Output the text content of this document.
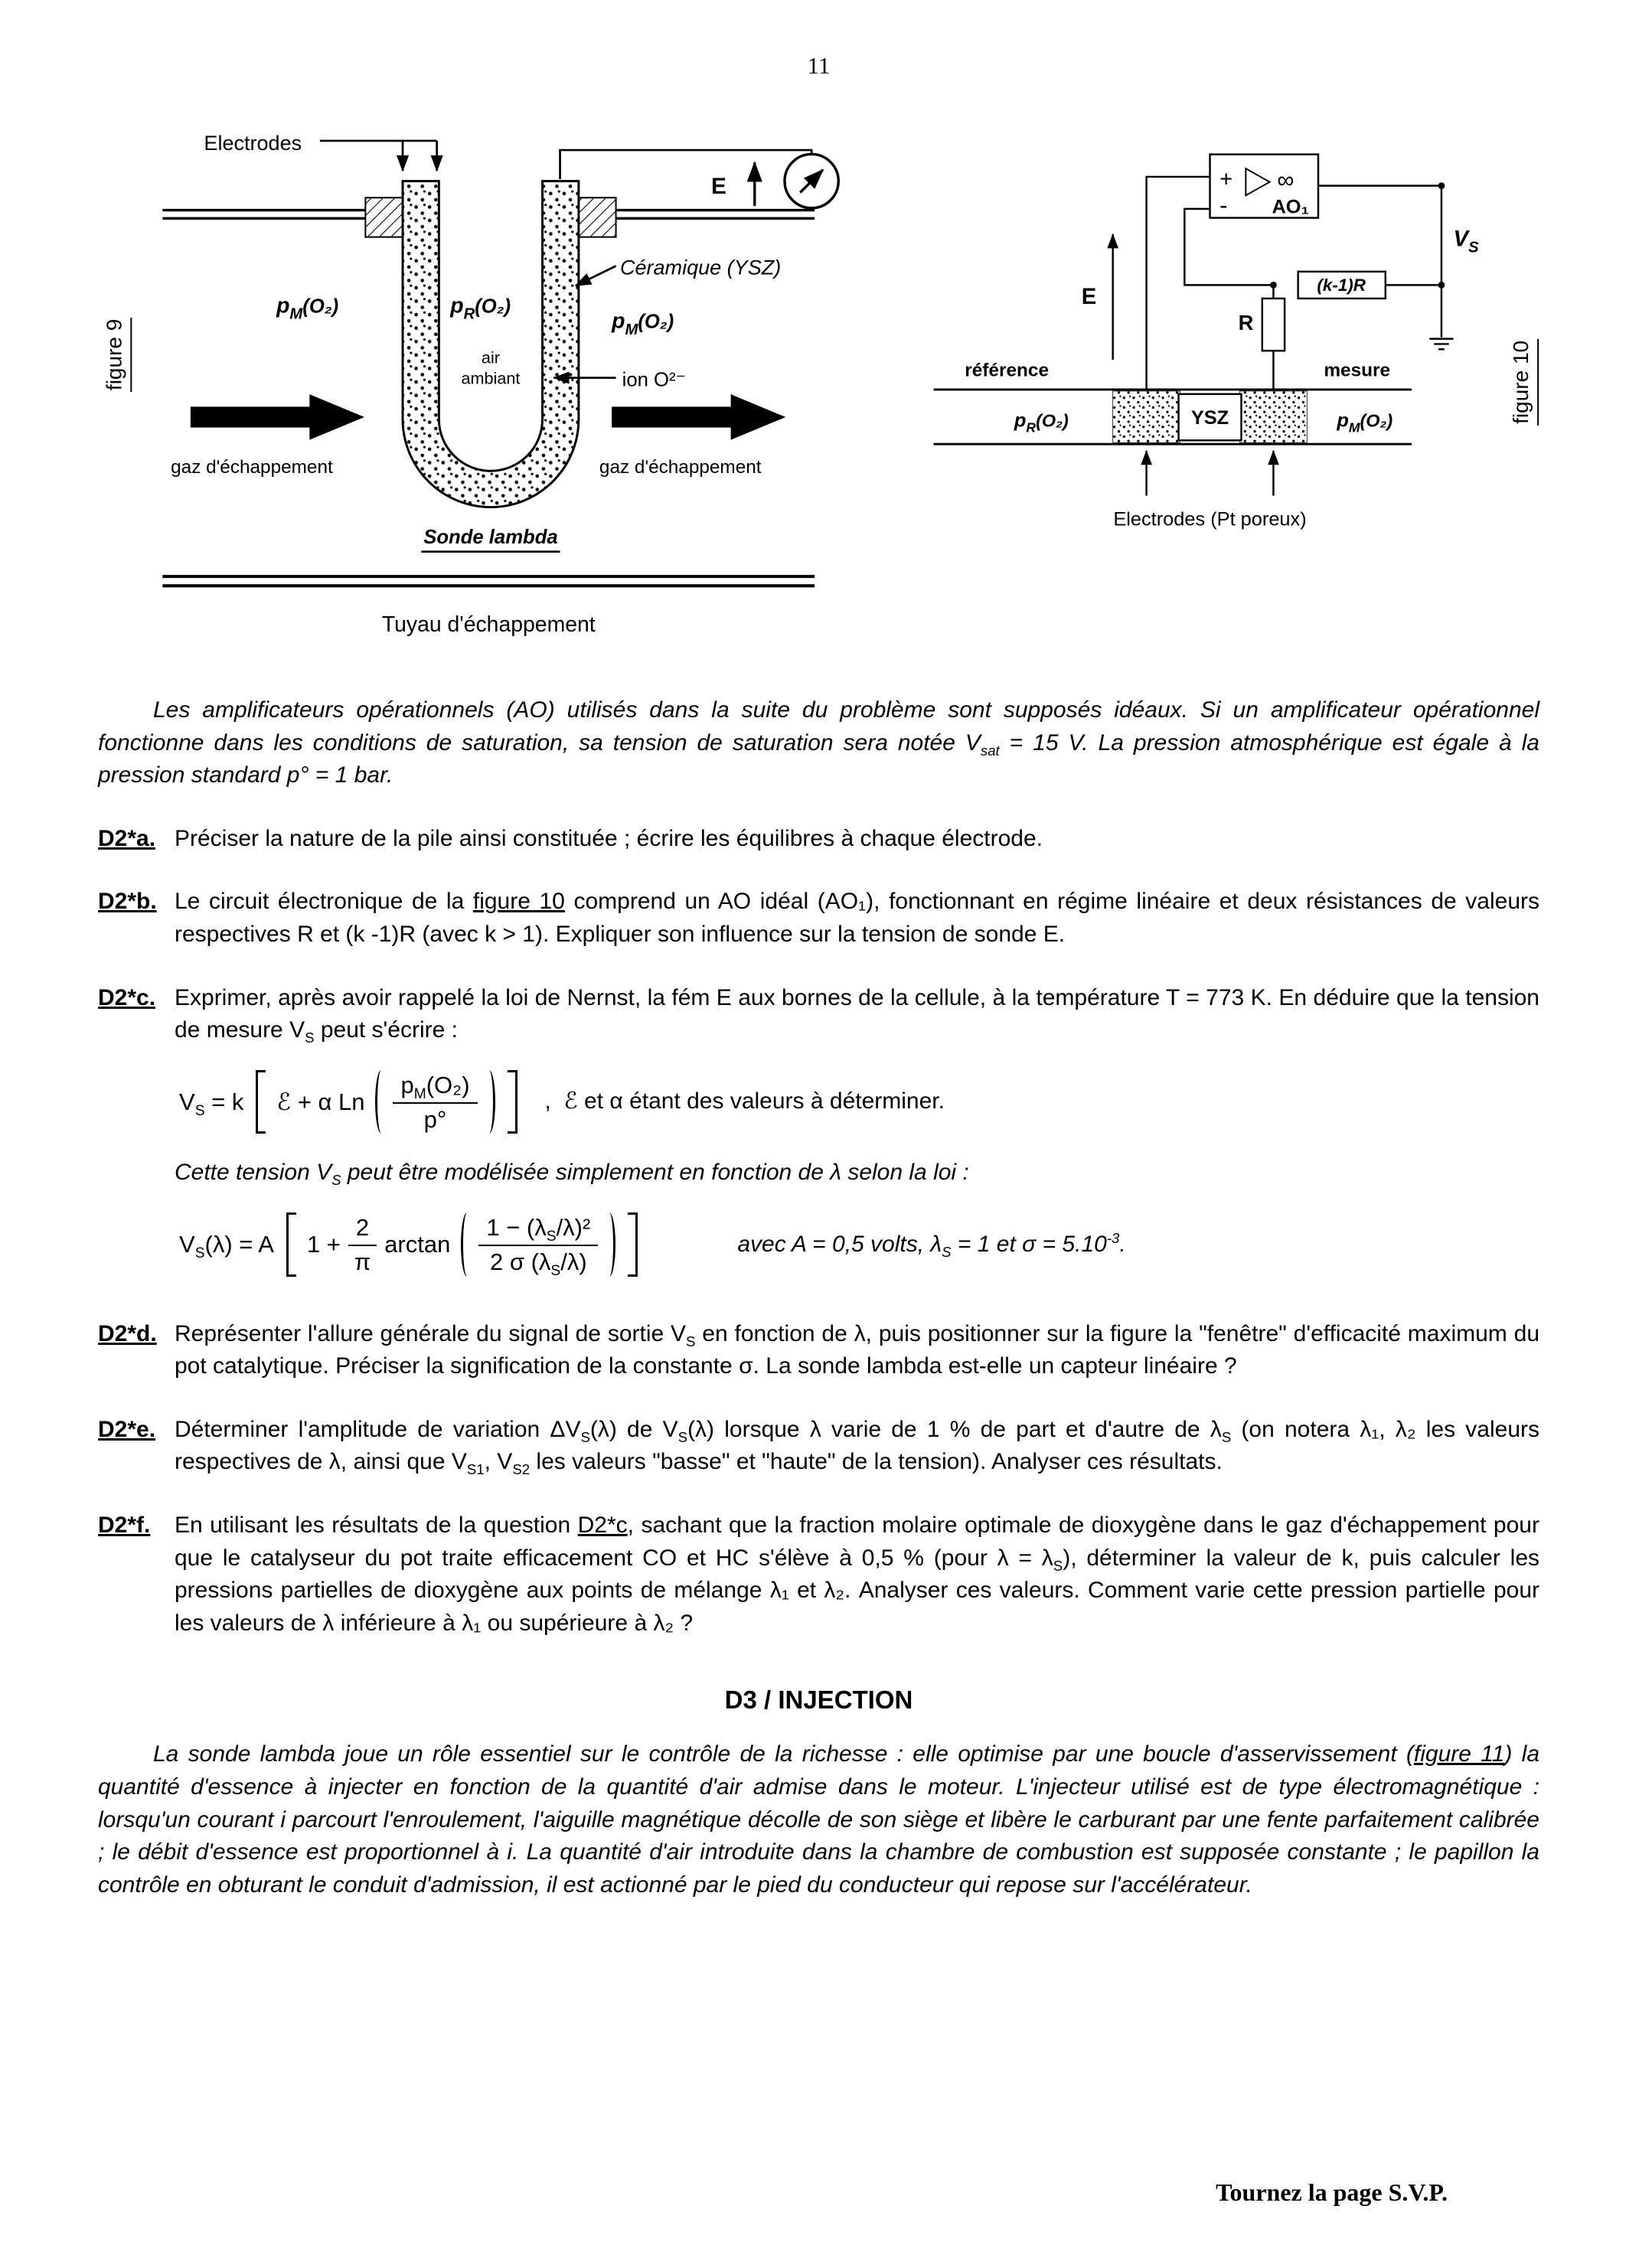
11
figure 9
Electrodes
E
Céramique (YSZ)
$p_M(O_2)$	$p_R(O_2)$
$p_M(O_2)$
air
ambiant	ion O²⁻
gaz d'échappement	gaz d'échappement
Sonde lambda
Tuyau d'échappement
+ ∞
- AO₁
E
R
(k-1)R
$V_S$
YSZ
référence	mesure
$p_R(O_2)$	$p_M(O_2)$
Electrodes (Pt poreux)
figure 10

Les amplificateurs opérationnels (AO) utilisés dans la suite du problème sont supposés idéaux. Si un amplificateur opérationnel fonctionne dans les conditions de saturation, sa tension de saturation sera notée $V_{sat} = 15$ V. La pression atmosphérique est égale à la pression standard p° = 1 bar.

D2*a. Préciser la nature de la pile ainsi constituée ; écrire les équilibres à chaque électrode.
D2*b. Le circuit électronique de la figure 10 comprend un AO idéal (AO₁), fonctionnant en régime linéaire et deux résistances de valeurs respectives R et (k -1)R (avec k > 1). Expliquer son influence sur la tension de sonde E.
D2*c. Exprimer, après avoir rappelé la loi de Nernst, la fém E aux bornes de la cellule, à la température T = 773 K. En déduire que la tension de mesure $V_S$ peut s'écrire :
$V_S = k$ ℰ + α Ln $\frac{p_M(O_2)}{p^\circ}$	, ℰ et α étant des valeurs à déterminer.
Cette tension $V_S$ peut être modélisée simplement en fonction de λ selon la loi :
$V_S(\lambda) = A$ $1 + \frac{2}{\pi}$ $\arctan \frac{1 - (\lambda_S/\lambda)^2}{2 \sigma (\lambda_S/\lambda)}$	avec A = 0,5 volts, $\lambda_S = 1$ et $\sigma = 5.10^{-3}$.
D2*d. Représenter l'allure générale du signal de sortie $V_S$ en fonction de λ, puis positionner sur la figure la "fenêtre" d'efficacité maximum du pot catalytique. Préciser la signification de la constante σ. La sonde lambda est-elle un capteur linéaire ?
D2*e. Déterminer l'amplitude de variation $\Delta V_S(\lambda)$ de $V_S(\lambda)$ lorsque λ varie de 1 % de part et d'autre de $\lambda_S$ (on notera λ₁, λ₂ les valeurs respectives de λ, ainsi que $V_{S1}$, $V_{S2}$ les valeurs "basse" et "haute" de la tension). Analyser ces résultats.
D2*f.	En utilisant les résultats de la question D2*c, sachant que la fraction molaire optimale de dioxygène dans le gaz d'échappement pour que le catalyseur du pot traite efficacement CO et HC s'élève à 0,5 % (pour $\lambda = \lambda_S$), déterminer la valeur de k, puis calculer les pressions partielles de dioxygène aux points de mélange λ₁ et λ₂. Analyser ces valeurs. Comment varie cette pression partielle pour les valeurs de λ inférieure à λ₁ ou supérieure à λ₂ ?
D3 / INJECTION

La sonde lambda joue un rôle essentiel sur le contrôle de la richesse : elle optimise par une boucle d'asservissement (figure 11) la quantité d'essence à injecter en fonction de la quantité d'air admise dans le moteur. L'injecteur utilisé est de type électromagnétique : lorsqu'un courant i parcourt l'enroulement, l'aiguille magnétique décolle de son siège et libère le carburant par une fente parfaitement calibrée ; le débit d'essence est proportionnel à i. La quantité d'air introduite dans la chambre de combustion est supposée constante ; le papillon la contrôle en obturant le conduit d'admission, il est actionné par le pied du conducteur qui repose sur l'accélérateur.

Tournez la page S.V.P.
